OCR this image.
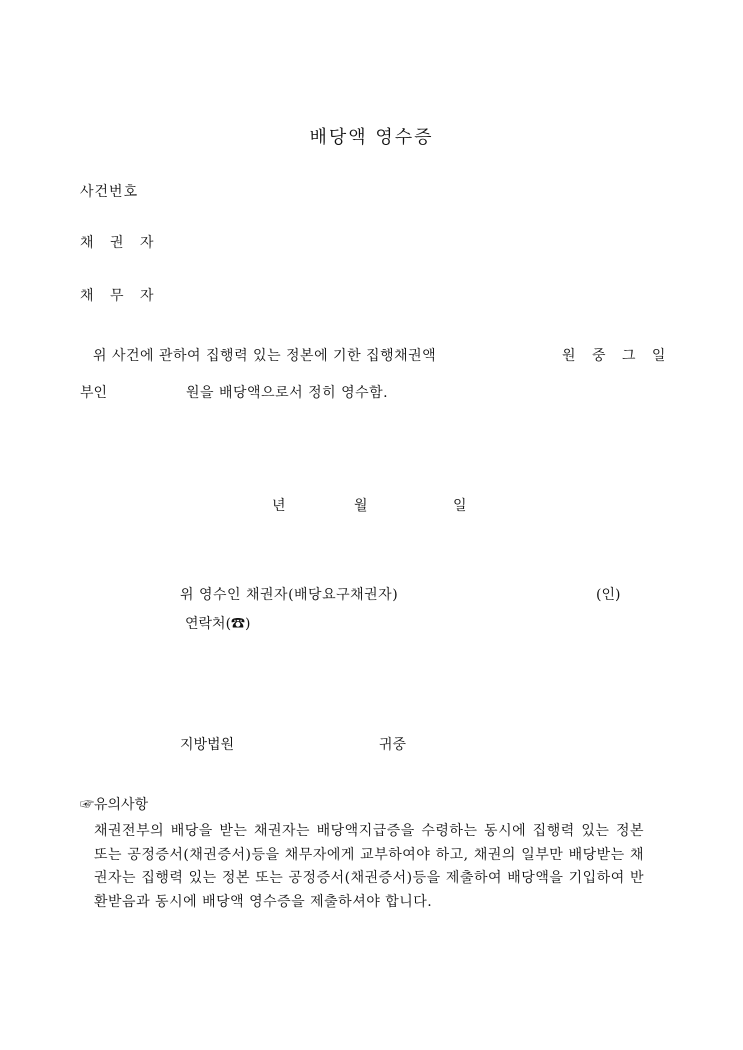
배당액 영수증
사건번호
채 권 자
채 무 자
위 사건에 관하여 집행력 있는 정본에 기한 집행채권액	원 중 그 일
부인	원을 배당액으로서 정히 영수함.
년	월	일
위 영수인 채권자(배당요구채권자)	(인)
연락처(☎)
지방법원	귀중
☞유의사항
채권전부의 배당을 받는 채권자는 배당액지급증을 수령하는 동시에 집행력 있는 정본 또는 공정증서(채권증서)등을 채무자에게 교부하여야 하고, 채권의 일부만 배당받는 채권자는 집행력 있는 정본 또는 공정증서(채권증서)등을 제출하여 배당액을 기입하여 반환받음과 동시에 배당액 영수증을 제출하셔야 합니다.
